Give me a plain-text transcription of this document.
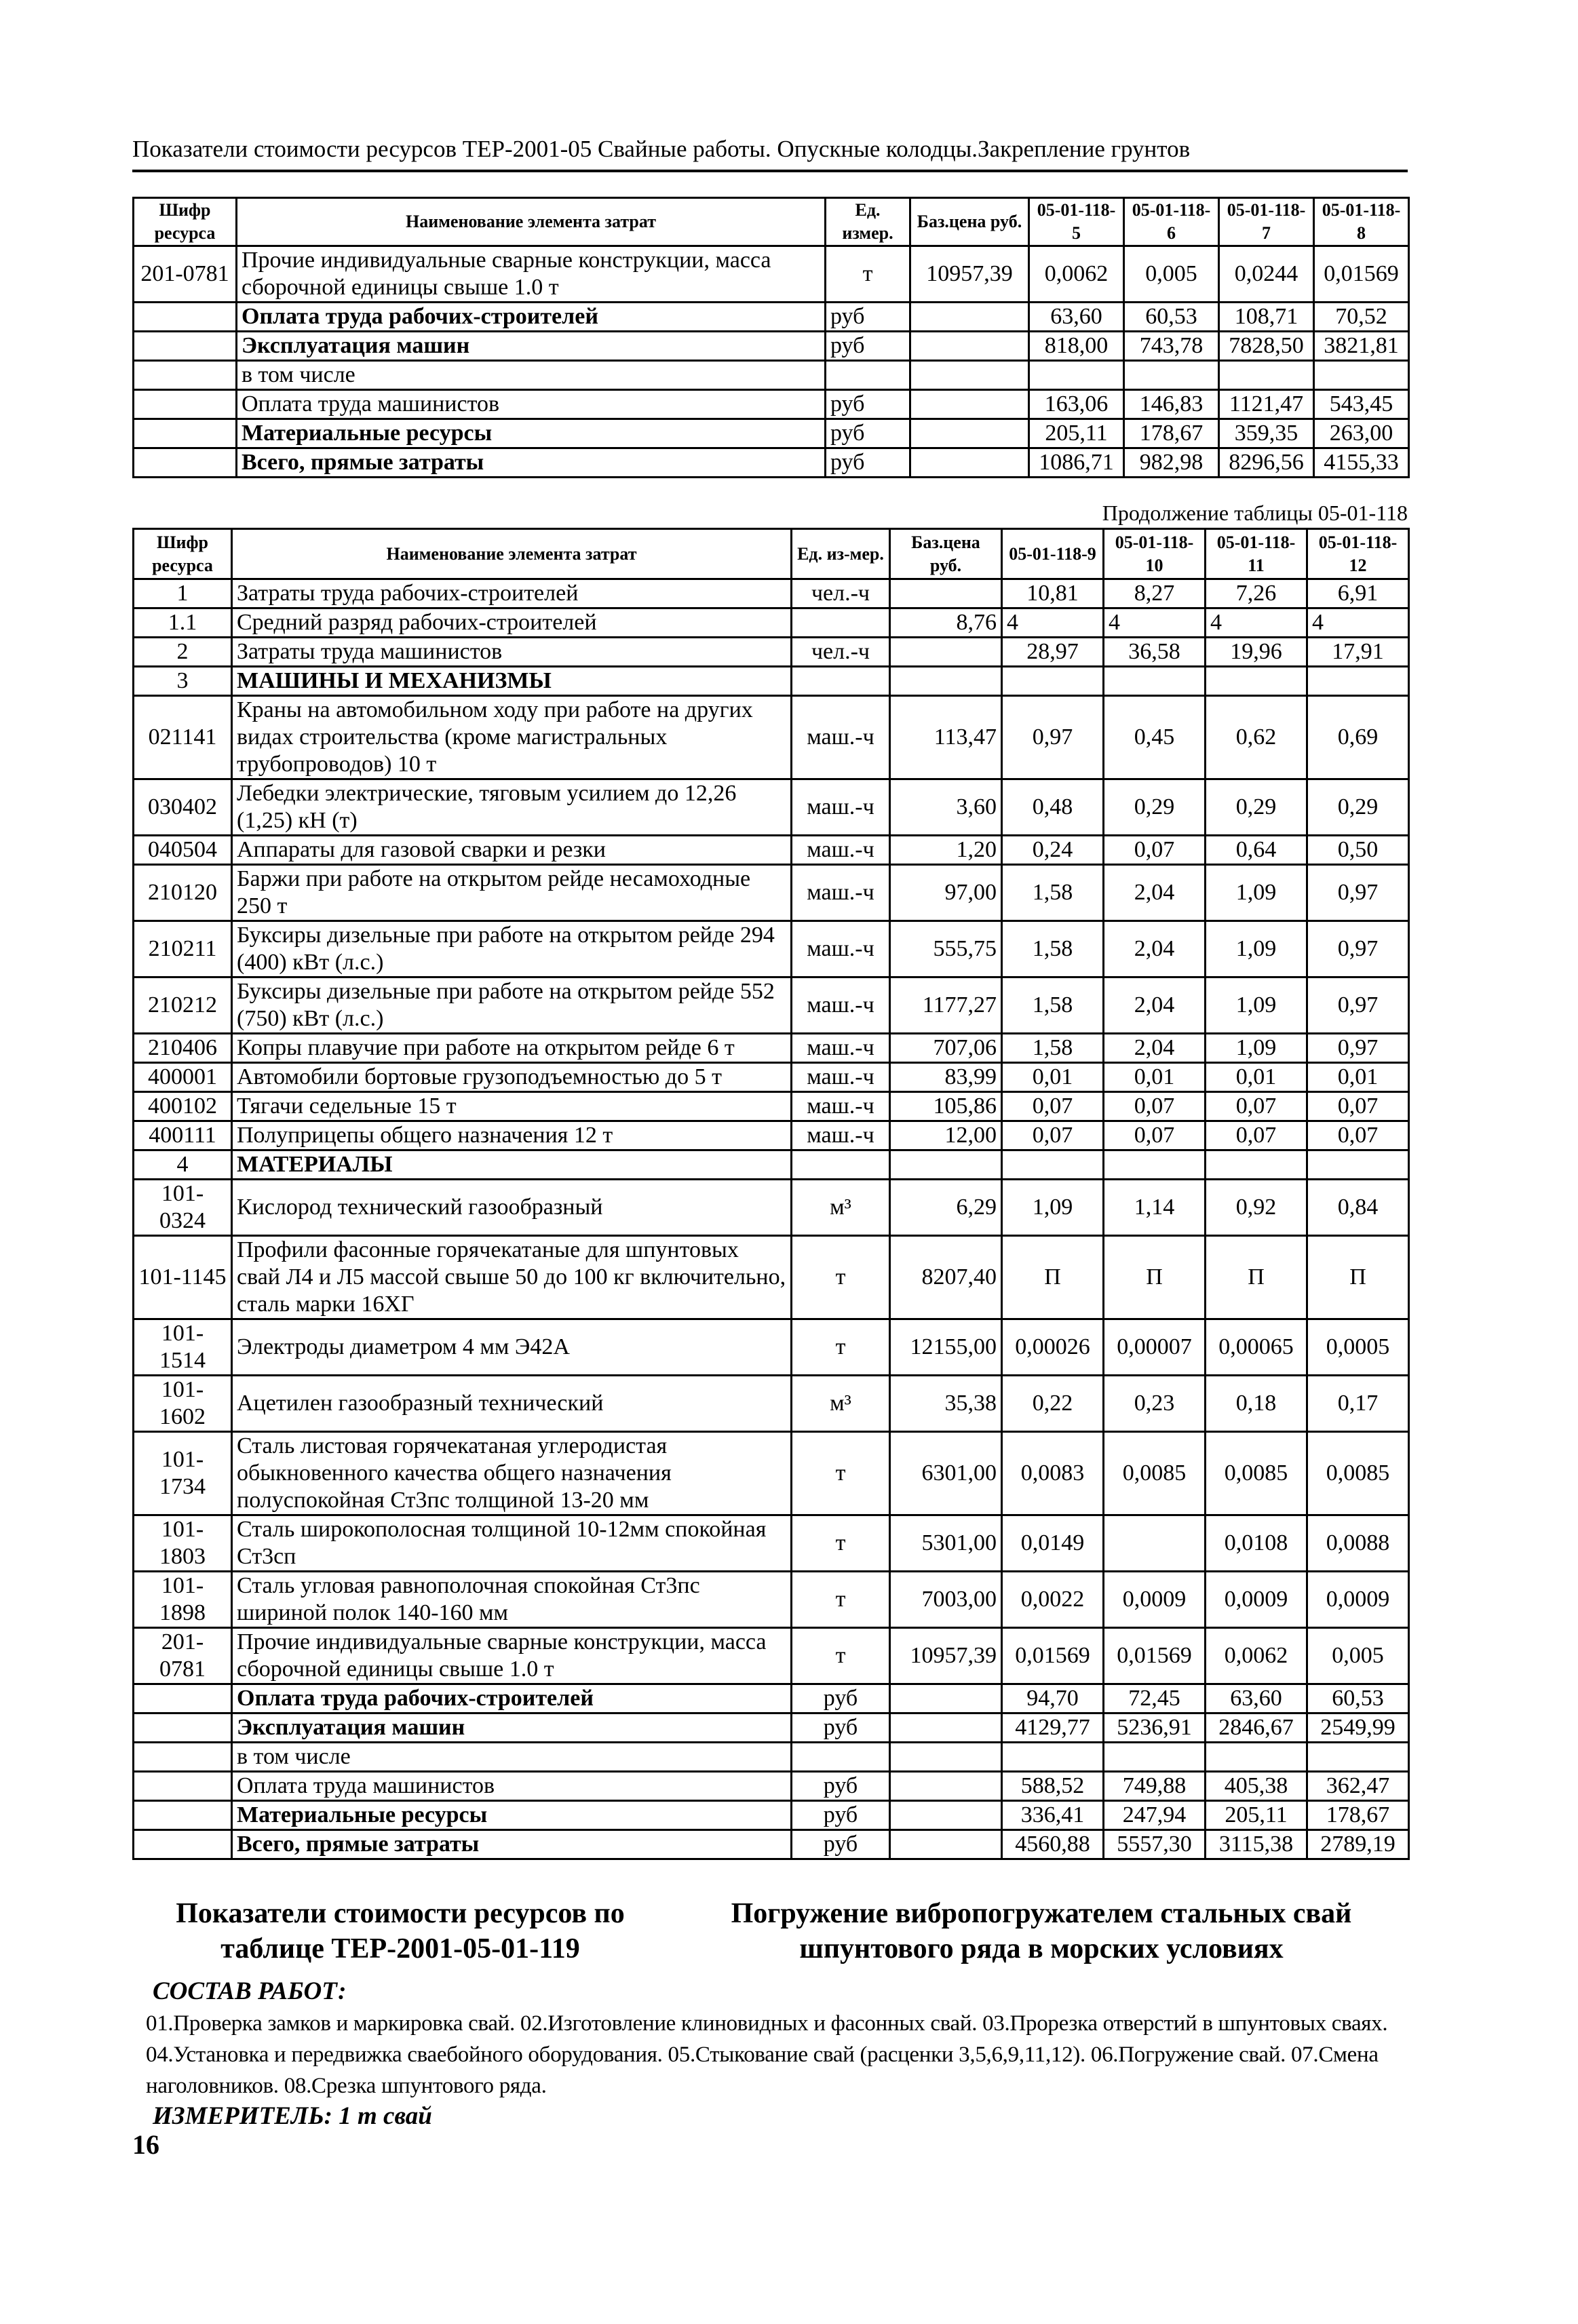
Показатели стоимости ресурсов ТЕР-2001-05 Свайные работы. Опускные колодцы.Закрепление грунтов
Шифр ресурса	Наименование элемента затрат	Ед. измер.	Баз.цена руб.	05-01-118-5	05-01-118-6	05-01-118-7	05-01-118-8
201-0781	Прочие индивидуальные сварные конструкции, масса сборочной единицы свыше 1.0 т	т	10957,39	0,0062	0,005	0,0244	0,01569
	Оплата труда рабочих-строителей	руб		63,60	60,53	108,71	70,52
	Эксплуатация машин	руб		818,00	743,78	7828,50	3821,81
	в том числе						
	Оплата труда машинистов	руб		163,06	146,83	1121,47	543,45
	Материальные ресурсы	руб		205,11	178,67	359,35	263,00
	Всего, прямые затраты	руб		1086,71	982,98	8296,56	4155,33
Продолжение таблицы 05-01-118
Шифр ресурса	Наименование элемента затрат	Ед. из-мер.	Баз.цена руб.	05-01-118-9	05-01-118-10	05-01-118-11	05-01-118-12
1	Затраты труда рабочих-строителей	чел.-ч		10,81	8,27	7,26	6,91
1.1	Средний разряд рабочих-строителей		8,76	4	4	4	4
2	Затраты труда машинистов	чел.-ч		28,97	36,58	19,96	17,91
3	МАШИНЫ И МЕХАНИЗМЫ						
021141	Краны на автомобильном ходу при работе на других видах строительства (кроме магистральных трубопроводов) 10 т	маш.-ч	113,47	0,97	0,45	0,62	0,69
030402	Лебедки электрические, тяговым усилием до 12,26 (1,25) кН (т)	маш.-ч	3,60	0,48	0,29	0,29	0,29
040504	Аппараты для газовой сварки и резки	маш.-ч	1,20	0,24	0,07	0,64	0,50
210120	Баржи при работе на открытом рейде несамоходные 250 т	маш.-ч	97,00	1,58	2,04	1,09	0,97
210211	Буксиры дизельные при работе на открытом рейде 294 (400) кВт (л.с.)	маш.-ч	555,75	1,58	2,04	1,09	0,97
210212	Буксиры дизельные при работе на открытом рейде 552 (750) кВт (л.с.)	маш.-ч	1177,27	1,58	2,04	1,09	0,97
210406	Копры плавучие при работе на открытом рейде 6 т	маш.-ч	707,06	1,58	2,04	1,09	0,97
400001	Автомобили бортовые грузоподъемностью до 5 т	маш.-ч	83,99	0,01	0,01	0,01	0,01
400102	Тягачи седельные 15 т	маш.-ч	105,86	0,07	0,07	0,07	0,07
400111	Полуприцепы общего назначения 12 т	маш.-ч	12,00	0,07	0,07	0,07	0,07
4	МАТЕРИАЛЫ						
101-0324	Кислород технический газообразный	м³	6,29	1,09	1,14	0,92	0,84
101-1145	Профили фасонные горячекатаные для шпунтовых свай Л4 и Л5 массой свыше 50 до 100 кг включительно, сталь марки 16ХГ	т	8207,40	П	П	П	П
101-1514	Электроды диаметром 4 мм Э42А	т	12155,00	0,00026	0,00007	0,00065	0,0005
101-1602	Ацетилен газообразный технический	м³	35,38	0,22	0,23	0,18	0,17
101-1734	Сталь листовая горячекатаная углеродистая обыкновенного качества общего назначения полуспокойная Ст3пс толщиной 13-20 мм	т	6301,00	0,0083	0,0085	0,0085	0,0085
101-1803	Сталь широкополосная толщиной 10-12мм спокойная Ст3сп	т	5301,00	0,0149		0,0108	0,0088
101-1898	Сталь угловая равнополочная спокойная Ст3пс шириной полок 140-160 мм	т	7003,00	0,0022	0,0009	0,0009	0,0009
201-0781	Прочие индивидуальные сварные конструкции, масса сборочной единицы свыше 1.0 т	т	10957,39	0,01569	0,01569	0,0062	0,005
	Оплата труда рабочих-строителей	руб		94,70	72,45	63,60	60,53
	Эксплуатация машин	руб		4129,77	5236,91	2846,67	2549,99
	в том числе						
	Оплата труда машинистов	руб		588,52	749,88	405,38	362,47
	Материальные ресурсы	руб		336,41	247,94	205,11	178,67
	Всего, прямые затраты	руб		4560,88	5557,30	3115,38	2789,19
Показатели стоимости ресурсов по таблице ТЕР-2001-05-01-119
Погружение вибропогружателем стальных свай шпунтового ряда в морских условиях
СОСТАВ РАБОТ:
01.Проверка замков и маркировка свай. 02.Изготовление клиновидных и фасонных свай. 03.Прорезка отверстий в шпунтовых сваях. 04.Установка и передвижка сваебойного оборудования. 05.Стыкование свай (расценки 3,5,6,9,11,12). 06.Погружение свай. 07.Смена наголовников. 08.Срезка шпунтового ряда.
ИЗМЕРИТЕЛЬ: 1 т свай
16
